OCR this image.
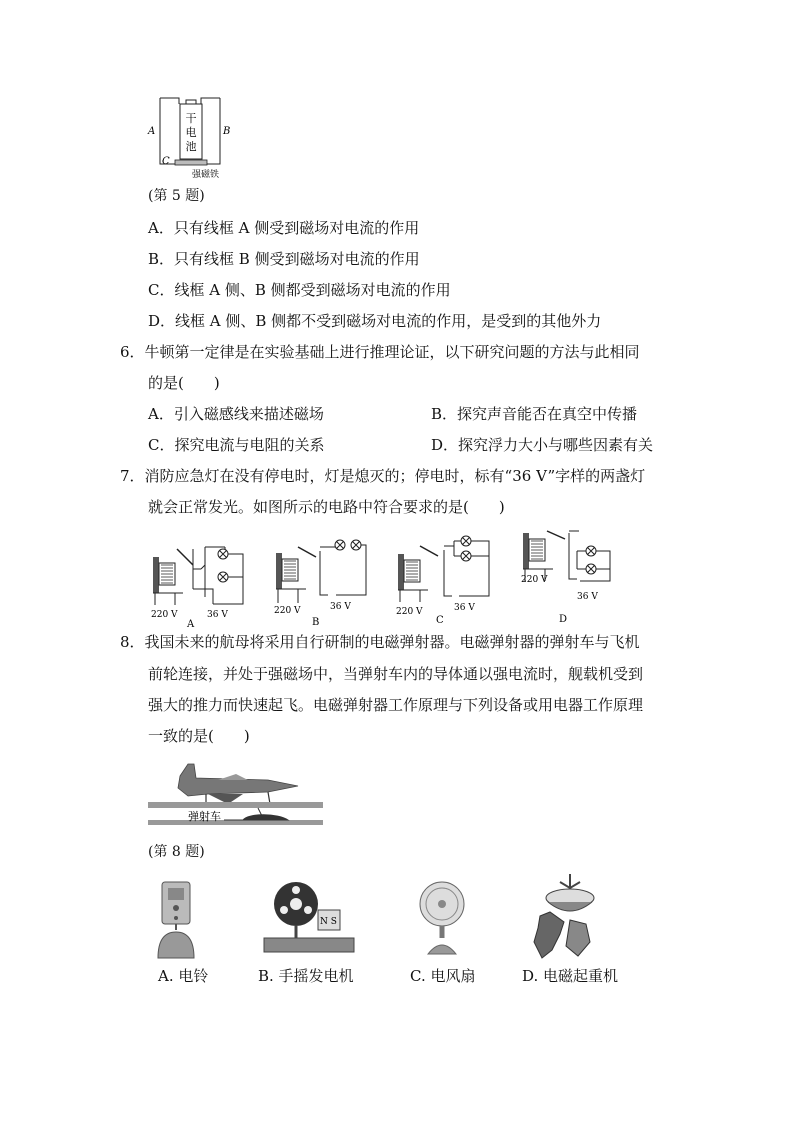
干
电
池
A	B
C
强磁铁
(第 5 题)
A．只有线框 A 侧受到磁场对电流的作用
B．只有线框 B 侧受到磁场对电流的作用
C．线框 A 侧、B 侧都受到磁场对电流的作用
D．线框 A 侧、B 侧都不受到磁场对电流的作用，是受到的其他外力
6．牛顿第一定律是在实验基础上进行推理论证，以下研究问题的方法与此相同
的是(　　)
A．引入磁感线来描述磁场	B．探究声音能否在真空中传播
C．探究电流与电阻的关系	D．探究浮力大小与哪些因素有关
7．消防应急灯在没有停电时，灯是熄灭的；停电时，标有“36 V”字样的两盏灯
就会正常发光。如图所示的电路中符合要求的是(　　)
220 V	36 V
A
220 V	36 V
B
220 V	36 V
C
220 V
36 V
D
8．我国未来的航母将采用自行研制的电磁弹射器。电磁弹射器的弹射车与飞机
前轮连接，并处于强磁场中，当弹射车内的导体通以强电流时，舰载机受到
强大的推力而快速起飞。电磁弹射器工作原理与下列设备或用电器工作原理
一致的是(　　)
弹射车
(第 8 题)
N S
A. 电铃	B. 手摇发电机	C. 电风扇	D. 电磁起重机
